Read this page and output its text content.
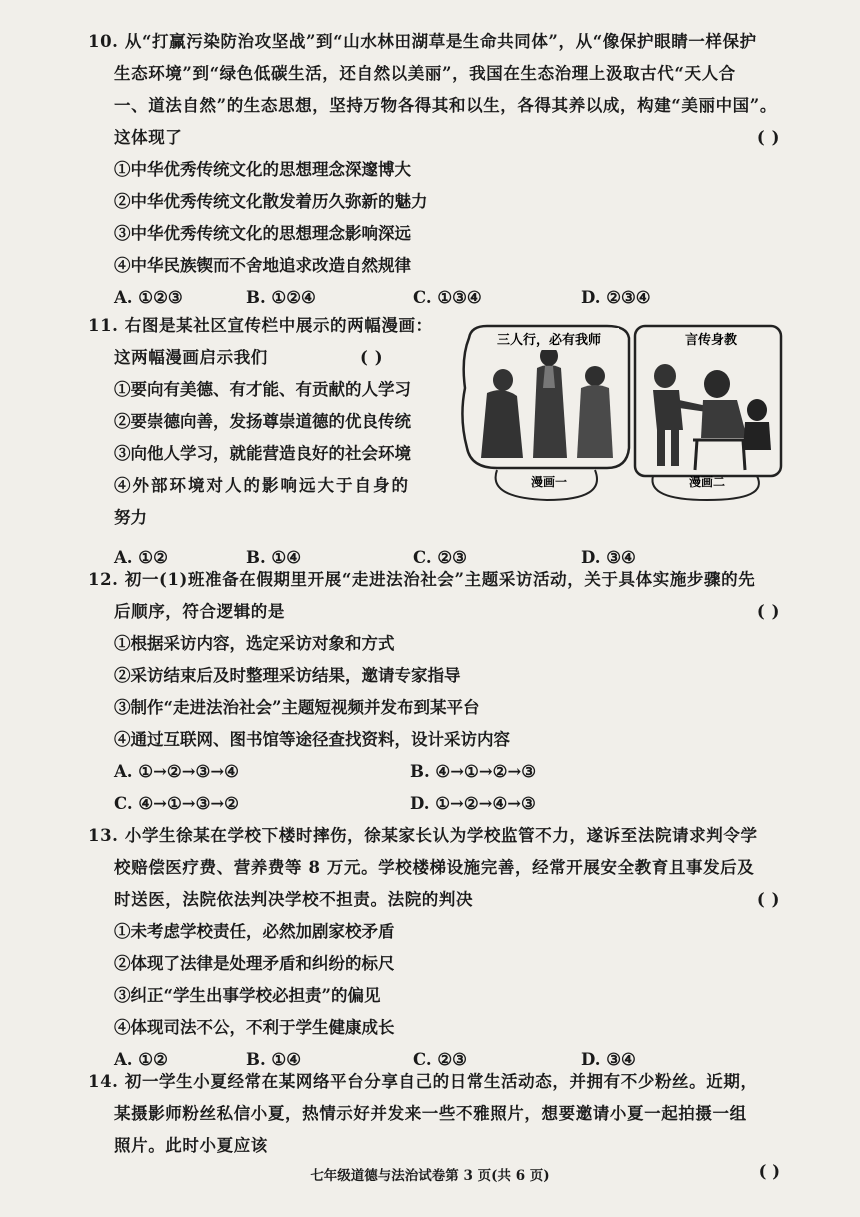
10. 从“打赢污染防治攻坚战”到“山水林田湖草是生命共同体”，从“像保护眼睛一样保护
生态环境”到“绿色低碳生活，还自然以美丽”，我国在生态治理上汲取古代“天人合
一、道法自然”的生态思想，坚持万物各得其和以生，各得其养以成，构建“美丽中国”。
这体现了	( )
①中华优秀传统文化的思想理念深邃博大
②中华优秀传统文化散发着历久弥新的魅力
③中华优秀传统文化的思想理念影响深远
④中华民族锲而不舍地追求改造自然规律
A. ①②③	B. ①②④	C. ①③④	D. ②③④
11. 右图是某社区宣传栏中展示的两幅漫画：
这两幅漫画启示我们	( )
①要向有美德、有才能、有贡献的人学习
②要崇德向善，发扬尊崇道德的优良传统
③向他人学习，就能营造良好的社会环境
④外部环境对人的影响远大于自身的
努力
A. ①②	B. ①④	C. ②③	D. ③④
三人行，必有我师	言传身教
漫画一	漫画二
12. 初一(1)班准备在假期里开展“走进法治社会”主题采访活动，关于具体实施步骤的先
后顺序，符合逻辑的是	( )
①根据采访内容，选定采访对象和方式
②采访结束后及时整理采访结果，邀请专家指导
③制作“走进法治社会”主题短视频并发布到某平台
④通过互联网、图书馆等途径查找资料，设计采访内容
A. ①→②→③→④	B. ④→①→②→③
C. ④→①→③→②	D. ①→②→④→③
13. 小学生徐某在学校下楼时摔伤，徐某家长认为学校监管不力，遂诉至法院请求判令学
校赔偿医疗费、营养费等 8 万元。学校楼梯设施完善，经常开展安全教育且事发后及
时送医，法院依法判决学校不担责。法院的判决	( )
①未考虑学校责任，必然加剧家校矛盾
②体现了法律是处理矛盾和纠纷的标尺
③纠正“学生出事学校必担责”的偏见
④体现司法不公，不利于学生健康成长
A. ①②	B. ①④	C. ②③	D. ③④
14. 初一学生小夏经常在某网络平台分享自己的日常生活动态，并拥有不少粉丝。近期，
某摄影师粉丝私信小夏，热情示好并发来一些不雅照片，想要邀请小夏一起拍摄一组
照片。此时小夏应该
( )
七年级道德与法治试卷第 3 页(共 6 页)
